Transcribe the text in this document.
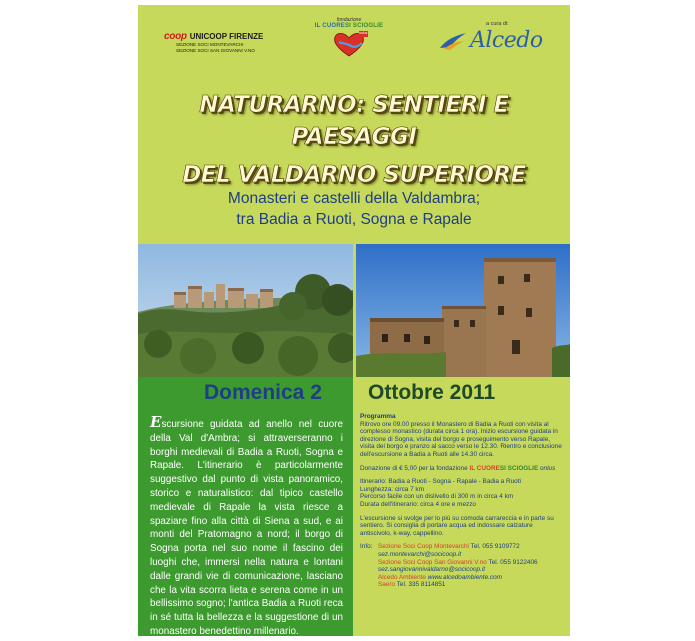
coop UNICOOP FIRENZE
SEZIONE SOCI MONTEVARCHI
SEZIONE SOCI SAN GIOVANNI V.NO
fondazione
IL CUORESI SCIOGLIE
onlus
a cura di:
Alcedo
NATURARNO: SENTIERI E PAESAGGI
DEL VALDARNO SUPERIORE
Monasteri e castelli della Valdambra;
tra Badia a Ruoti, Sogna e Rapale
Domenica 2 Ottobre 2011

Escursione guidata ad anello nel cuore della Val d'Ambra; si attraverseranno i borghi medievali di Badia a Ruoti, Sogna e Rapale. L'itinerario è particolarmente suggestivo dal punto di vista panoramico, storico e naturalistico: dal tipico castello medievale di Rapale la vista riesce a spaziare fino alla città di Siena a sud, e ai monti del Pratomagno a nord; il borgo di Sogna porta nel suo nome il fascino dei luoghi che, immersi nella natura e lontani dalle grandi vie di comunicazione, lasciano che la vita scorra lieta e serena come in un bellissimo sogno; l'antica Badia a Ruoti reca in sé tutta la bellezza e la suggestione di un monastero benedettino millenario.

Programma
Ritrovo ore 09.00 presso il Monastero di Badia a Ruoti con visita al complesso monastico (durata circa 1 ora). Inizio escursione guidata in direzione di Sogna, visita del borgo e proseguimento verso Rapale, visita del borgo e pranzo al sacco verso le 12.30. Rientro e conclusione dell'escursione a Badia a Ruoti alle 14.30 circa.
Donazione di € 5,00 per la fondazione IL CUORESI SCIOGLIE onlus
Itinerario: Badia a Ruoti - Sogna - Rapale - Badia a Ruoti
Lunghezza: circa 7 km
Percorso facile con un dislivello di 300 m in circa 4 km
Durata dell'itinerario: circa 4 ore e mezzo
L'escursione si svolge per lo più su comoda carrareccia e in parte su sentiero. Si consiglia di portare acqua ed indossare calzature antiscivolo, k-way, cappellino.
Info: Sezione Soci Coop Montevarchi Tel. 055 9109772
sez.montevarchi@socicoop.it
Sezione Soci Coop San Giovanni V.no Tel. 055 9122406
sez.sangiovannivaldarno@socicoop.it
Alcedo Ambiente www.alcedoambiente.com
Saero Tel. 335 8114851
